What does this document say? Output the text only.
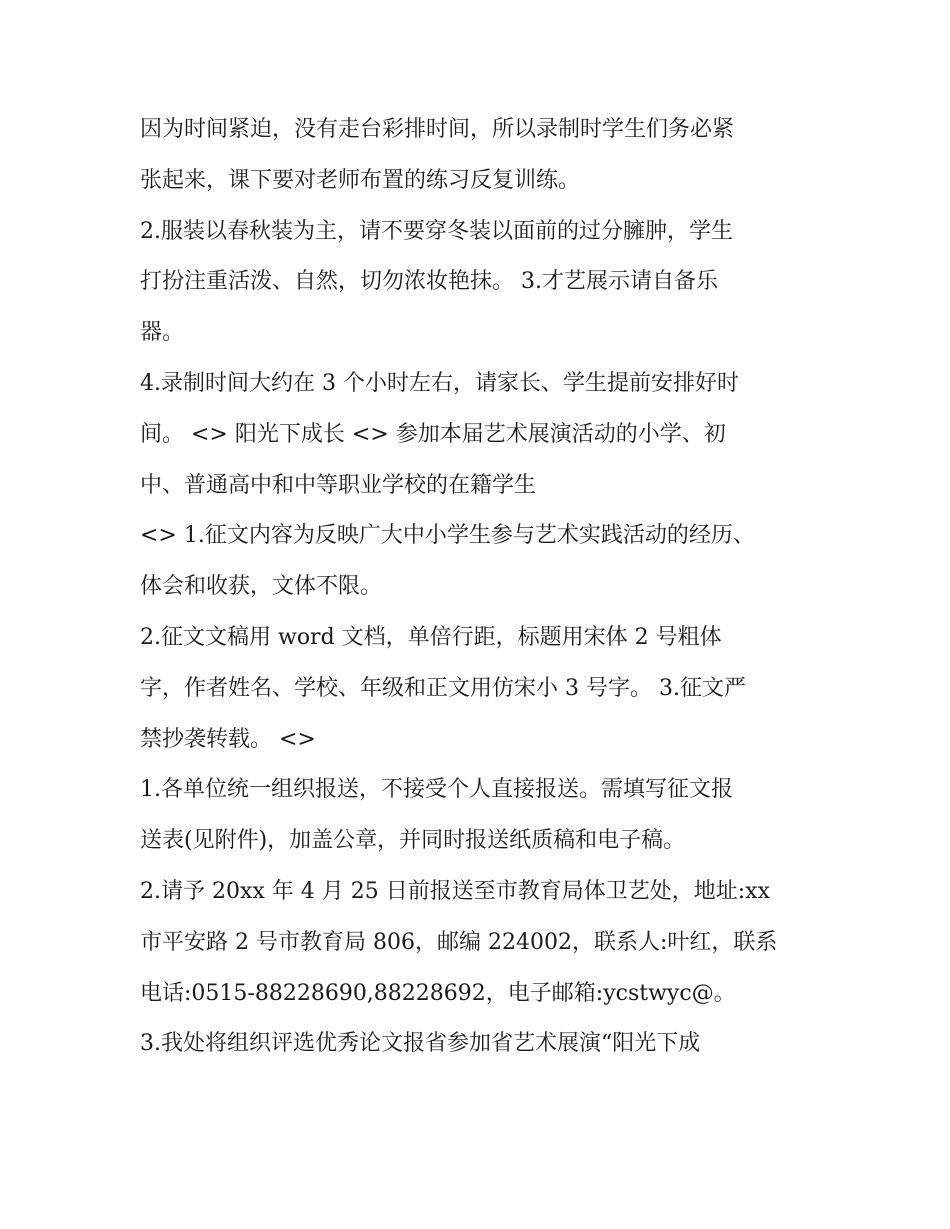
因为时间紧迫，没有走台彩排时间，所以录制时学生们务必紧
张起来，课下要对老师布置的练习反复训练。
2.服装以春秋装为主，请不要穿冬装以面前的过分臃肿，学生
打扮注重活泼、自然，切勿浓妆艳抹。 3.才艺展示请自备乐
器。
4.录制时间大约在 3 个小时左右，请家长、学生提前安排好时
间。 <> 阳光下成长 <> 参加本届艺术展演活动的小学、初
中、普通高中和中等职业学校的在籍学生
<> 1.征文内容为反映广大中小学生参与艺术实践活动的经历、
体会和收获，文体不限。
2.征文文稿用 word 文档，单倍行距，标题用宋体 2 号粗体
字，作者姓名、学校、年级和正文用仿宋小 3 号字。 3.征文严
禁抄袭转载。 <>
1.各单位统一组织报送，不接受个人直接报送。需填写征文报
送表(见附件)，加盖公章，并同时报送纸质稿和电子稿。
2.请予 20xx 年 4 月 25 日前报送至市教育局体卫艺处，地址:xx
市平安路 2 号市教育局 806，邮编 224002，联系人:叶红，联系
电话:0515-88228690,88228692，电子邮箱:ycstwyc@。
3.我处将组织评选优秀论文报省参加省艺术展演“阳光下成
